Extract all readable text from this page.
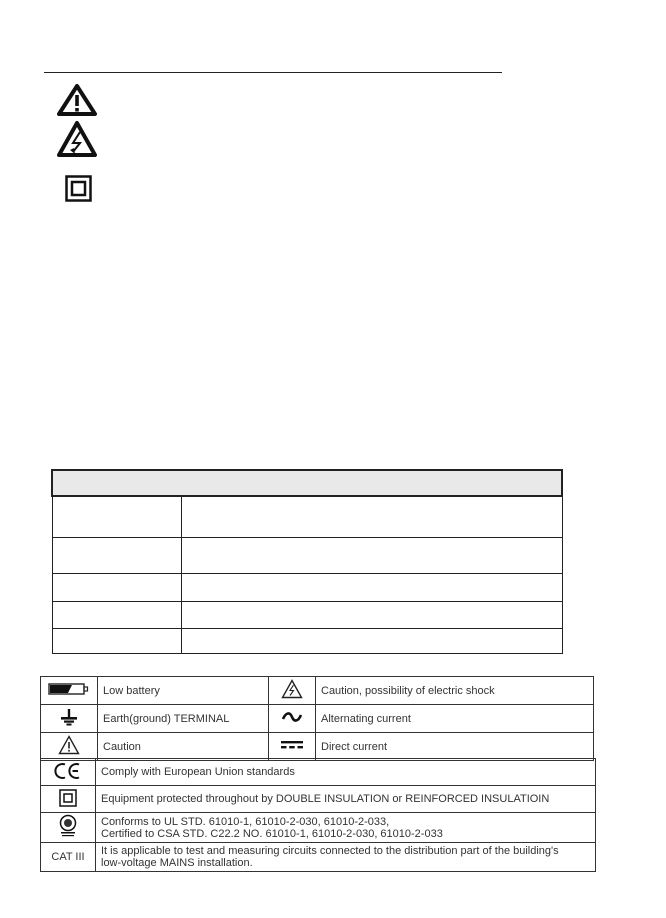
	Low battery		Caution, possibility of electric shock
	Earth(ground) TERMINAL		Alternating current
	Caution		Direct current
	Comply with European Union standards
	Equipment protected throughout by DOUBLE INSULATION or REINFORCED INSULATIOIN

Conforms to UL STD. 61010-1, 61010-2-030, 61010-2-033,
Certified to CSA STD. C22.2 NO. 61010-1, 61010-2-030, 61010-2-033

CAT III	It is applicable to test and measuring circuits connected to the distribution part of the building's
low-voltage MAINS installation.
